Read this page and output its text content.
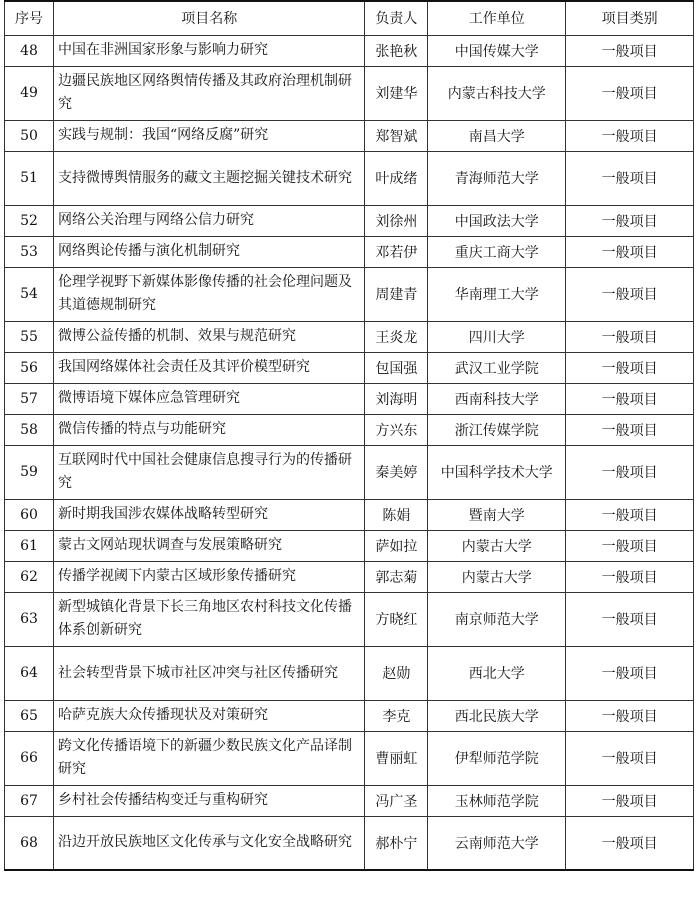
序号	项目名称	负责人	工作单位	项目类别
48	中国在非洲国家形象与影响力研究	张艳秋	中国传媒大学	一般项目
49	边疆民族地区网络舆情传播及其政府治理机制研究	刘建华	内蒙古科技大学	一般项目
50	实践与规制：我国“网络反腐”研究	郑智斌	南昌大学	一般项目
51	支持微博舆情服务的藏文主题挖掘关键技术研究	叶成绪	青海师范大学	一般项目
52	网络公关治理与网络公信力研究	刘徐州	中国政法大学	一般项目
53	网络舆论传播与演化机制研究	邓若伊	重庆工商大学	一般项目
54	伦理学视野下新媒体影像传播的社会伦理问题及其道德规制研究	周建青	华南理工大学	一般项目
55	微博公益传播的机制、效果与规范研究	王炎龙	四川大学	一般项目
56	我国网络媒体社会责任及其评价模型研究	包国强	武汉工业学院	一般项目
57	微博语境下媒体应急管理研究	刘海明	西南科技大学	一般项目
58	微信传播的特点与功能研究	方兴东	浙江传媒学院	一般项目
59	互联网时代中国社会健康信息搜寻行为的传播研究	秦美婷	中国科学技术大学	一般项目
60	新时期我国涉农媒体战略转型研究	陈娟	暨南大学	一般项目
61	蒙古文网站现状调查与发展策略研究	萨如拉	内蒙古大学	一般项目
62	传播学视阈下内蒙古区域形象传播研究	郭志菊	内蒙古大学	一般项目
63	新型城镇化背景下长三角地区农村科技文化传播体系创新研究	方晓红	南京师范大学	一般项目
64	社会转型背景下城市社区冲突与社区传播研究	赵勋	西北大学	一般项目
65	哈萨克族大众传播现状及对策研究	李克	西北民族大学	一般项目
66	跨文化传播语境下的新疆少数民族文化产品译制研究	曹丽虹	伊犁师范学院	一般项目
67	乡村社会传播结构变迁与重构研究	冯广圣	玉林师范学院	一般项目
68	沿边开放民族地区文化传承与文化安全战略研究	郝朴宁	云南师范大学	一般项目
